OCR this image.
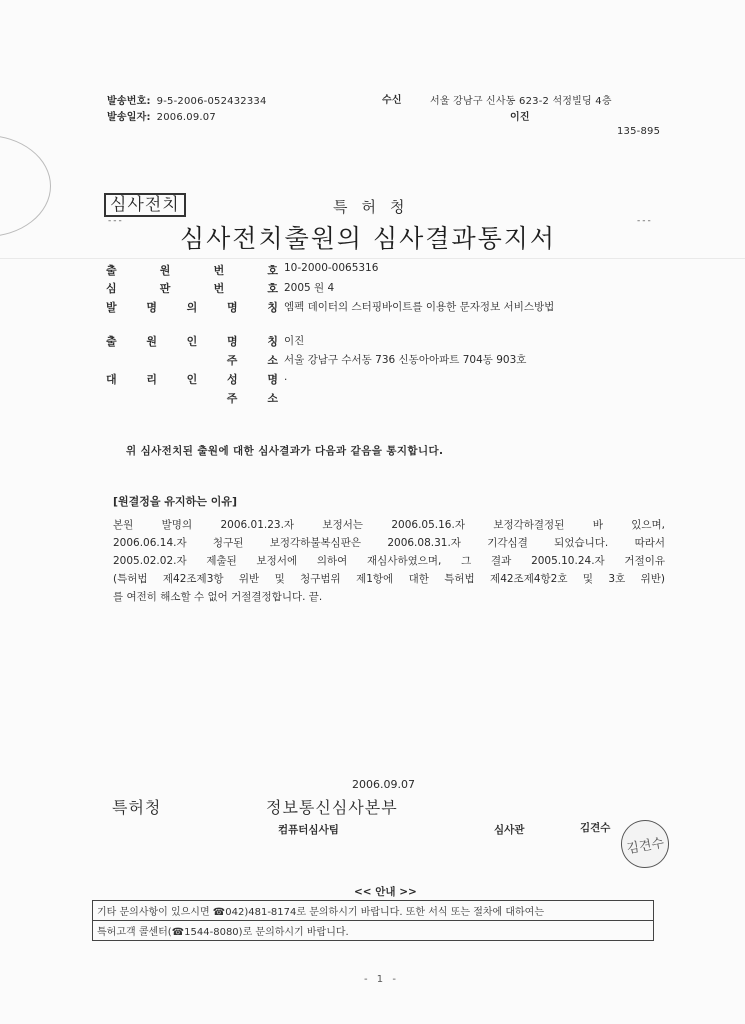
발송번호: 9-5-2006-052432334
발송일자: 2006.09.07
수신	서울 강남구 신사동 623-2 석정빌딩 4층
이진
135-895
심사전치
---	---
특허청
심사전치출원의 심사결과통지서
출	원	번	호 10-2000-0065316
심	판	번	호 2005 원 4
발	명	의	명	칭 엠펙 데이터의 스터핑바이트를 이용한 문자정보 서비스방법
출	원	인	명	칭 이진
주	소 서울 강남구 수서동 736 신동아아파트 704동 903호
대	리	인	성	명 .
주	소
위 심사전치된 출원에 대한 심사결과가 다음과 같음을 통지합니다.
[원결정을 유지하는 이유]
본원 발명의 2006.01.23.자 보정서는 2006.05.16.자 보정각하결정된 바 있으며,
2006.06.14.자 청구된 보정각하불복심판은 2006.08.31.자 기각심결 되었습니다. 따라서
2005.02.02.자 제출된 보정서에 의하여 재심사하였으며, 그 결과 2005.10.24.자 거절이유
(특허법 제42조제3항 위반 및 청구범위 제1항에 대한 특허법 제42조제4항2호 및 3호 위반)
를 여전히 해소할 수 없어 거절결정합니다. 끝.
2006.09.07
특허청	정보통신심사본부
컴퓨터심사팀	심사관	김견수
김견수
<< 안내 >>
기타 문의사항이 있으시면 ☎042)481-8174로 문의하시기 바랍니다. 또한 서식 또는 절차에 대하여는
특허고객 콜센터(☎1544-8080)로 문의하시기 바랍니다.
- 1 -
